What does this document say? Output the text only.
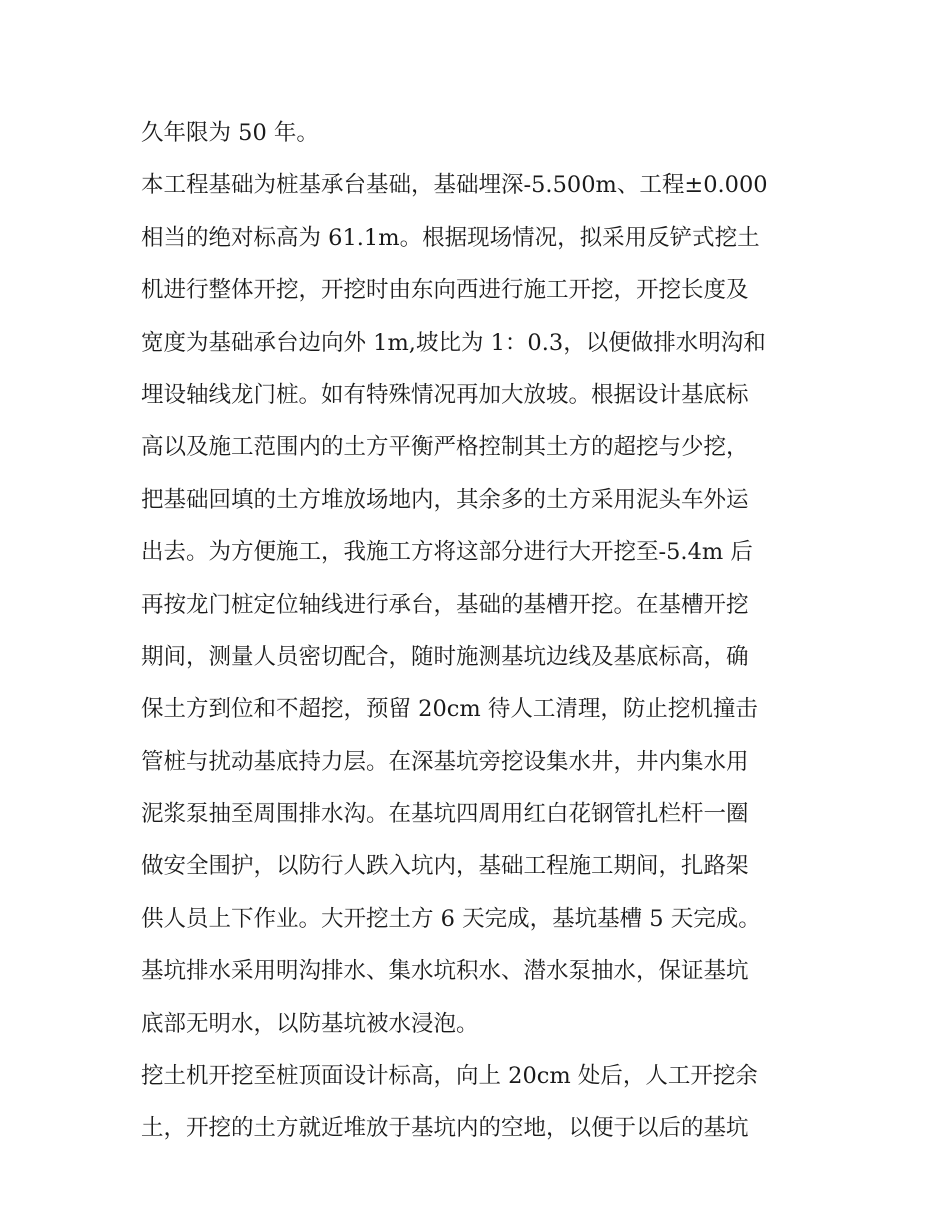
久年限为 50 年。
本工程基础为桩基承台基础，基础埋深-5.500m、工程±0.000
相当的绝对标高为 61.1m。根据现场情况，拟采用反铲式挖土
机进行整体开挖，开挖时由东向西进行施工开挖，开挖长度及
宽度为基础承台边向外 1m,坡比为 1：0.3，以便做排水明沟和
埋设轴线龙门桩。如有特殊情况再加大放坡。根据设计基底标
高以及施工范围内的土方平衡严格控制其土方的超挖与少挖，
把基础回填的土方堆放场地内，其余多的土方采用泥头车外运
出去。为方便施工，我施工方将这部分进行大开挖至-5.4m 后
再按龙门桩定位轴线进行承台，基础的基槽开挖。在基槽开挖
期间，测量人员密切配合，随时施测基坑边线及基底标高，确
保土方到位和不超挖，预留 20cm 待人工清理，防止挖机撞击
管桩与扰动基底持力层。在深基坑旁挖设集水井，井内集水用
泥浆泵抽至周围排水沟。在基坑四周用红白花钢管扎栏杆一圈
做安全围护，以防行人跌入坑内，基础工程施工期间，扎路架
供人员上下作业。大开挖土方 6 天完成，基坑基槽 5 天完成。
基坑排水采用明沟排水、集水坑积水、潜水泵抽水，保证基坑
底部无明水，以防基坑被水浸泡。
挖土机开挖至桩顶面设计标高，向上 20cm 处后，人工开挖余
土，开挖的土方就近堆放于基坑内的空地，以便于以后的基坑
